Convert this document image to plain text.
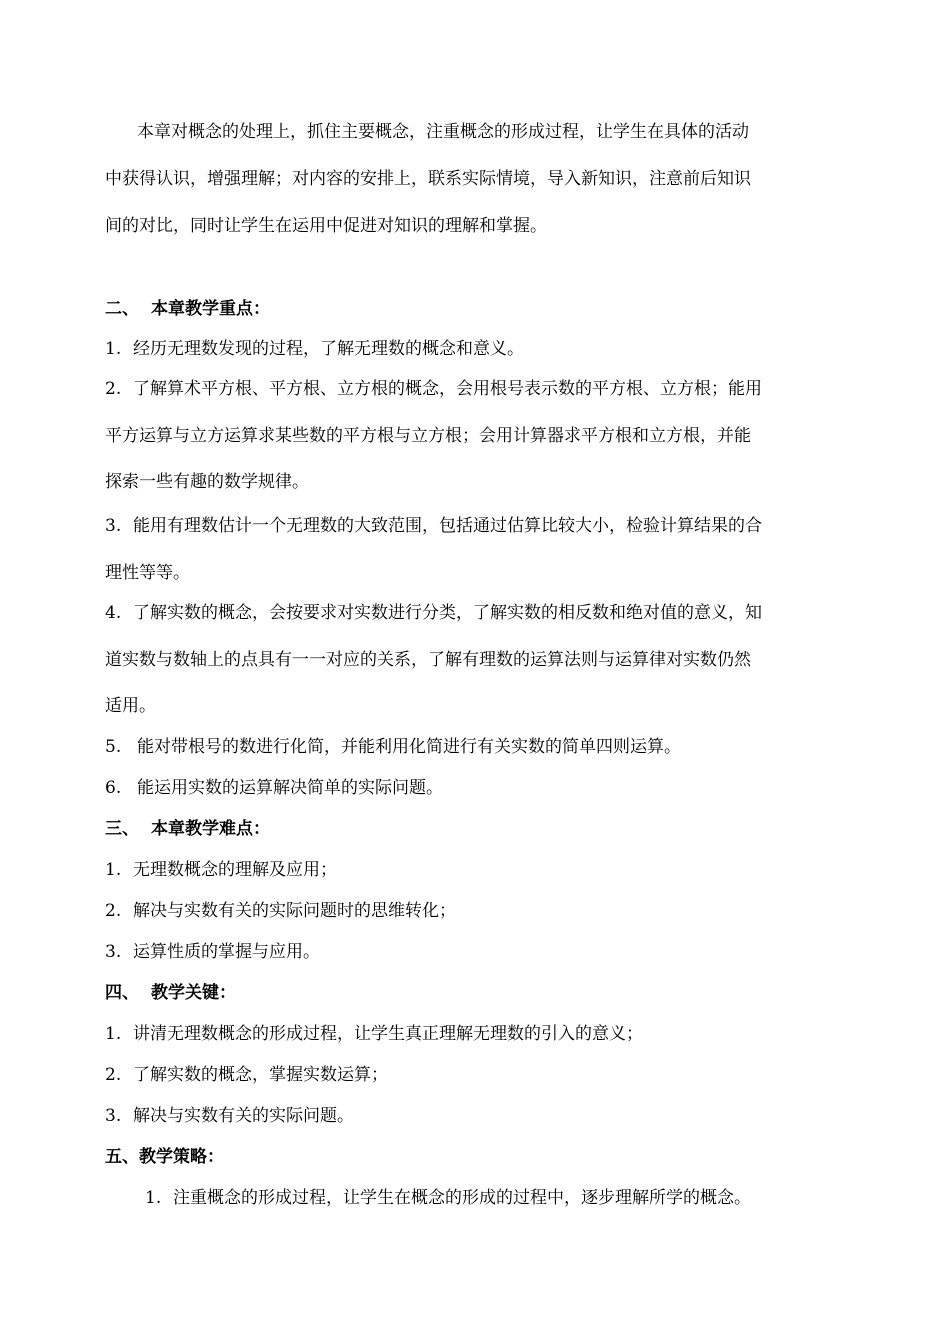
本章对概念的处理上，抓住主要概念，注重概念的形成过程，让学生在具体的活动
中获得认识，增强理解；对内容的安排上，联系实际情境，导入新知识，注意前后知识
间的对比，同时让学生在运用中促进对知识的理解和掌握。
二、 本章教学重点：
1. 经历无理数发现的过程，了解无理数的概念和意义。
2. 了解算术平方根、平方根、立方根的概念，会用根号表示数的平方根、立方根；能用
平方运算与立方运算求某些数的平方根与立方根；会用计算器求平方根和立方根，并能
探索一些有趣的数学规律。
3. 能用有理数估计一个无理数的大致范围，包括通过估算比较大小，检验计算结果的合
理性等等。
4. 了解实数的概念，会按要求对实数进行分类，了解实数的相反数和绝对值的意义，知
道实数与数轴上的点具有一一对应的关系，了解有理数的运算法则与运算律对实数仍然
适用。
5. 能对带根号的数进行化简，并能利用化简进行有关实数的简单四则运算。
6. 能运用实数的运算解决简单的实际问题。
三、 本章教学难点：
1. 无理数概念的理解及应用；
2. 解决与实数有关的实际问题时的思维转化；
3. 运算性质的掌握与应用。
四、 教学关键：
1. 讲清无理数概念的形成过程，让学生真正理解无理数的引入的意义；
2. 了解实数的概念，掌握实数运算；
3. 解决与实数有关的实际问题。
五、教学策略：
1. 注重概念的形成过程，让学生在概念的形成的过程中，逐步理解所学的概念。
